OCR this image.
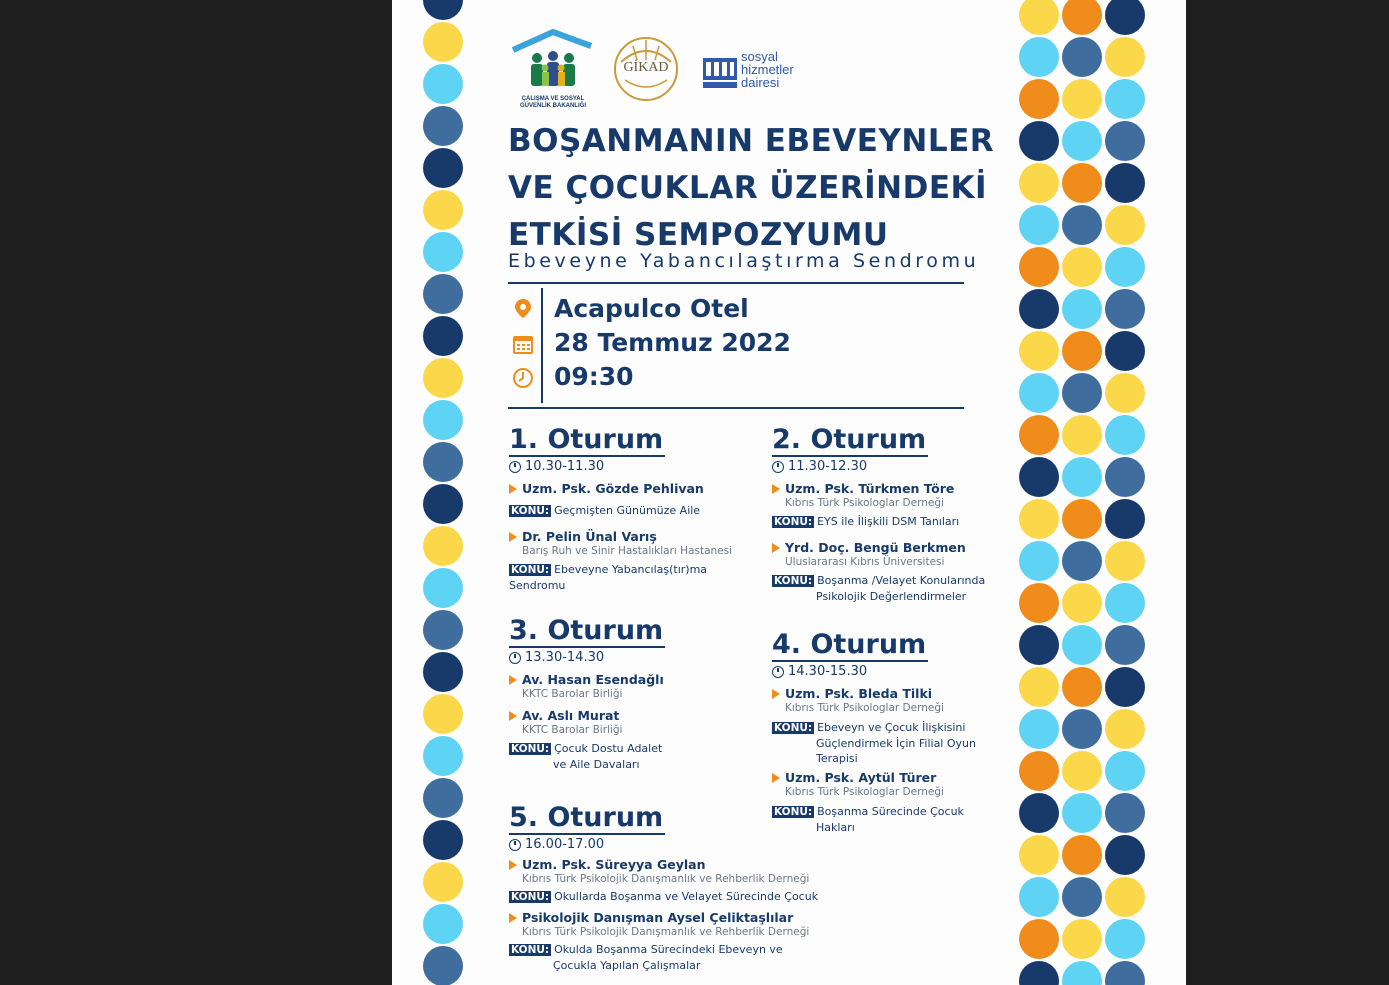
ÇALIŞMA VE SOSYAL GÜVENLİK BAKANLIĞI
GİKAD
sosyal
hizmetler
dairesi
BOŞANMANIN EBEVEYNLER
VE ÇOCUKLAR ÜZERİNDEKİ
ETKİSİ SEMPOZYUMU
Ebeveyne Yabancılaştırma Sendromu
Acapulco Otel
28 Temmuz 2022
09:30
1. Oturum
10.30-11.30
Uzm. Psk. Gözde Pehlivan
KONU: Geçmişten Günümüze Aile
Dr. Pelin Ünal Varış
Barış Ruh ve Sinir Hastalıkları Hastanesi
KONU: Ebeveyne Yabancılaş(tır)ma
Sendromu
2. Oturum
11.30-12.30
Uzm. Psk. Türkmen Töre
Kıbrıs Türk Psikologlar Derneği
KONU: EYS ile İlişkili DSM Tanıları
Yrd. Doç. Bengü Berkmen
Uluslararası Kıbrıs Üniversitesi
KONU: Boşanma /Velayet Konularında
Psikolojik Değerlendirmeler
3. Oturum
13.30-14.30
Av. Hasan Esendağlı
KKTC Barolar Birliği
Av. Aslı Murat
KKTC Barolar Birliği
KONU: Çocuk Dostu Adalet
ve Aile Davaları
4. Oturum
14.30-15.30
Uzm. Psk. Bleda Tilki
Kıbrıs Türk Psikologlar Derneği
KONU: Ebeveyn ve Çocuk İlişkisini
Güçlendirmek İçin Filial Oyun
Terapisi
Uzm. Psk. Aytül Türer
Kıbrıs Türk Psikologlar Derneği
KONU: Boşanma Sürecinde Çocuk
Hakları
5. Oturum
16.00-17.00
Uzm. Psk. Süreyya Geylan
Kıbrıs Türk Psikolojik Danışmanlık ve Rehberlik Derneği
KONU: Okullarda Boşanma ve Velayet Sürecinde Çocuk
Psikolojik Danışman Aysel Çeliktaşlılar
Kıbrıs Türk Psikolojik Danışmanlık ve Rehberlik Derneği
KONU: Okulda Boşanma Sürecindeki Ebeveyn ve
Çocukla Yapılan Çalışmalar
